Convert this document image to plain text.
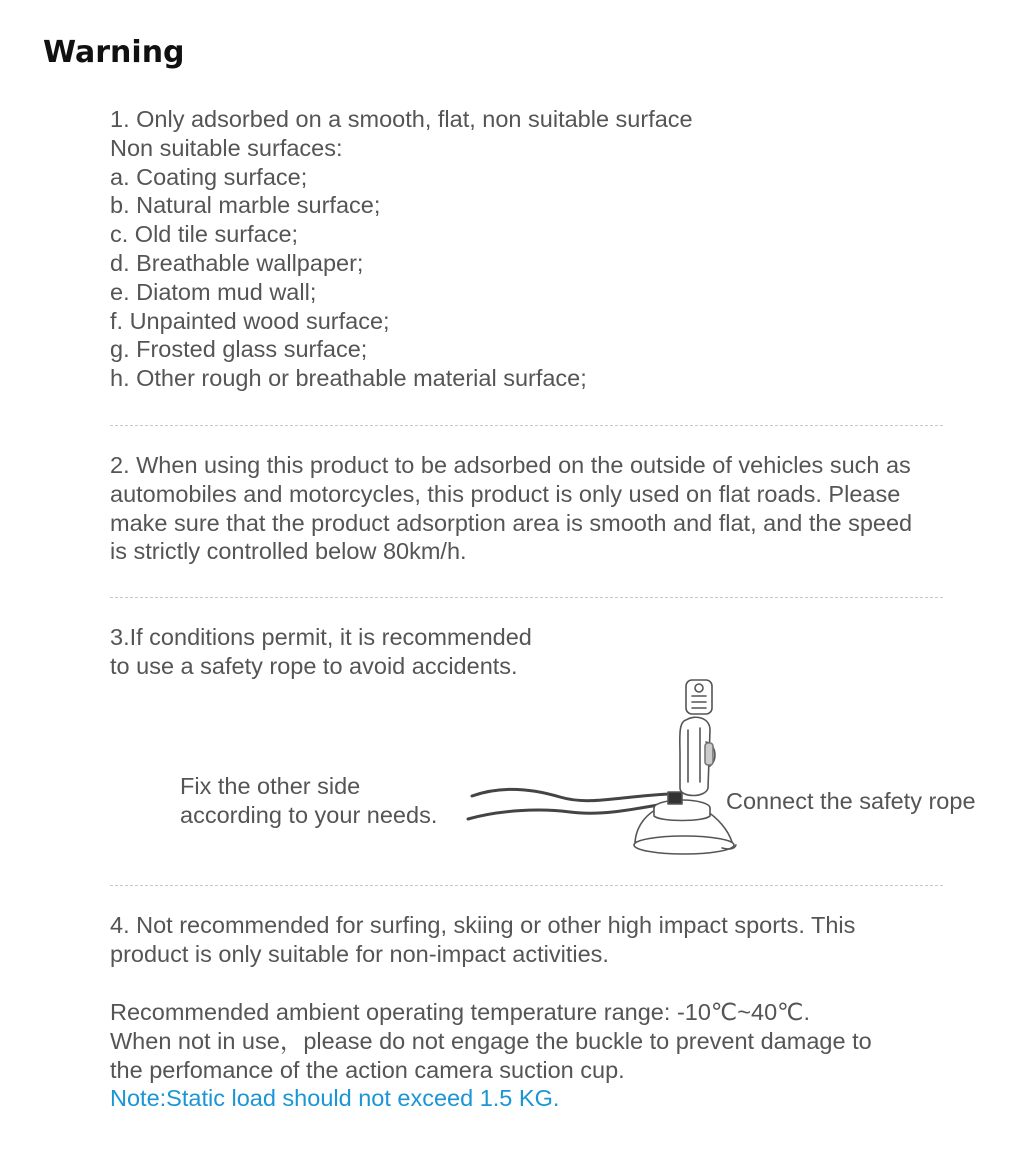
Warning
1. Only adsorbed on a smooth, flat, non suitable surface
Non suitable surfaces:
a. Coating surface;
b. Natural marble surface;
c. Old tile surface;
d. Breathable wallpaper;
e. Diatom mud wall;
f. Unpainted wood surface;
g. Frosted glass surface;
h. Other rough or breathable material surface;
2. When using this product to be adsorbed on the outside of vehicles such as
automobiles and motorcycles, this product is only used on flat roads. Please
make sure that the product adsorption area is smooth and flat, and the speed
is strictly controlled below 80km/h.
3.If conditions permit, it is recommended
to use a safety rope to avoid accidents.
Fix the other side
according to your needs.
Connect the safety rope
4. Not recommended for surfing, skiing or other high impact sports. This
product is only suitable for non-impact activities.
Recommended ambient operating temperature range: -10℃~40℃.
When not in use，please do not engage the buckle to prevent damage to
the perfomance of the action camera suction cup.
Note:Static load should not exceed 1.5 KG.
